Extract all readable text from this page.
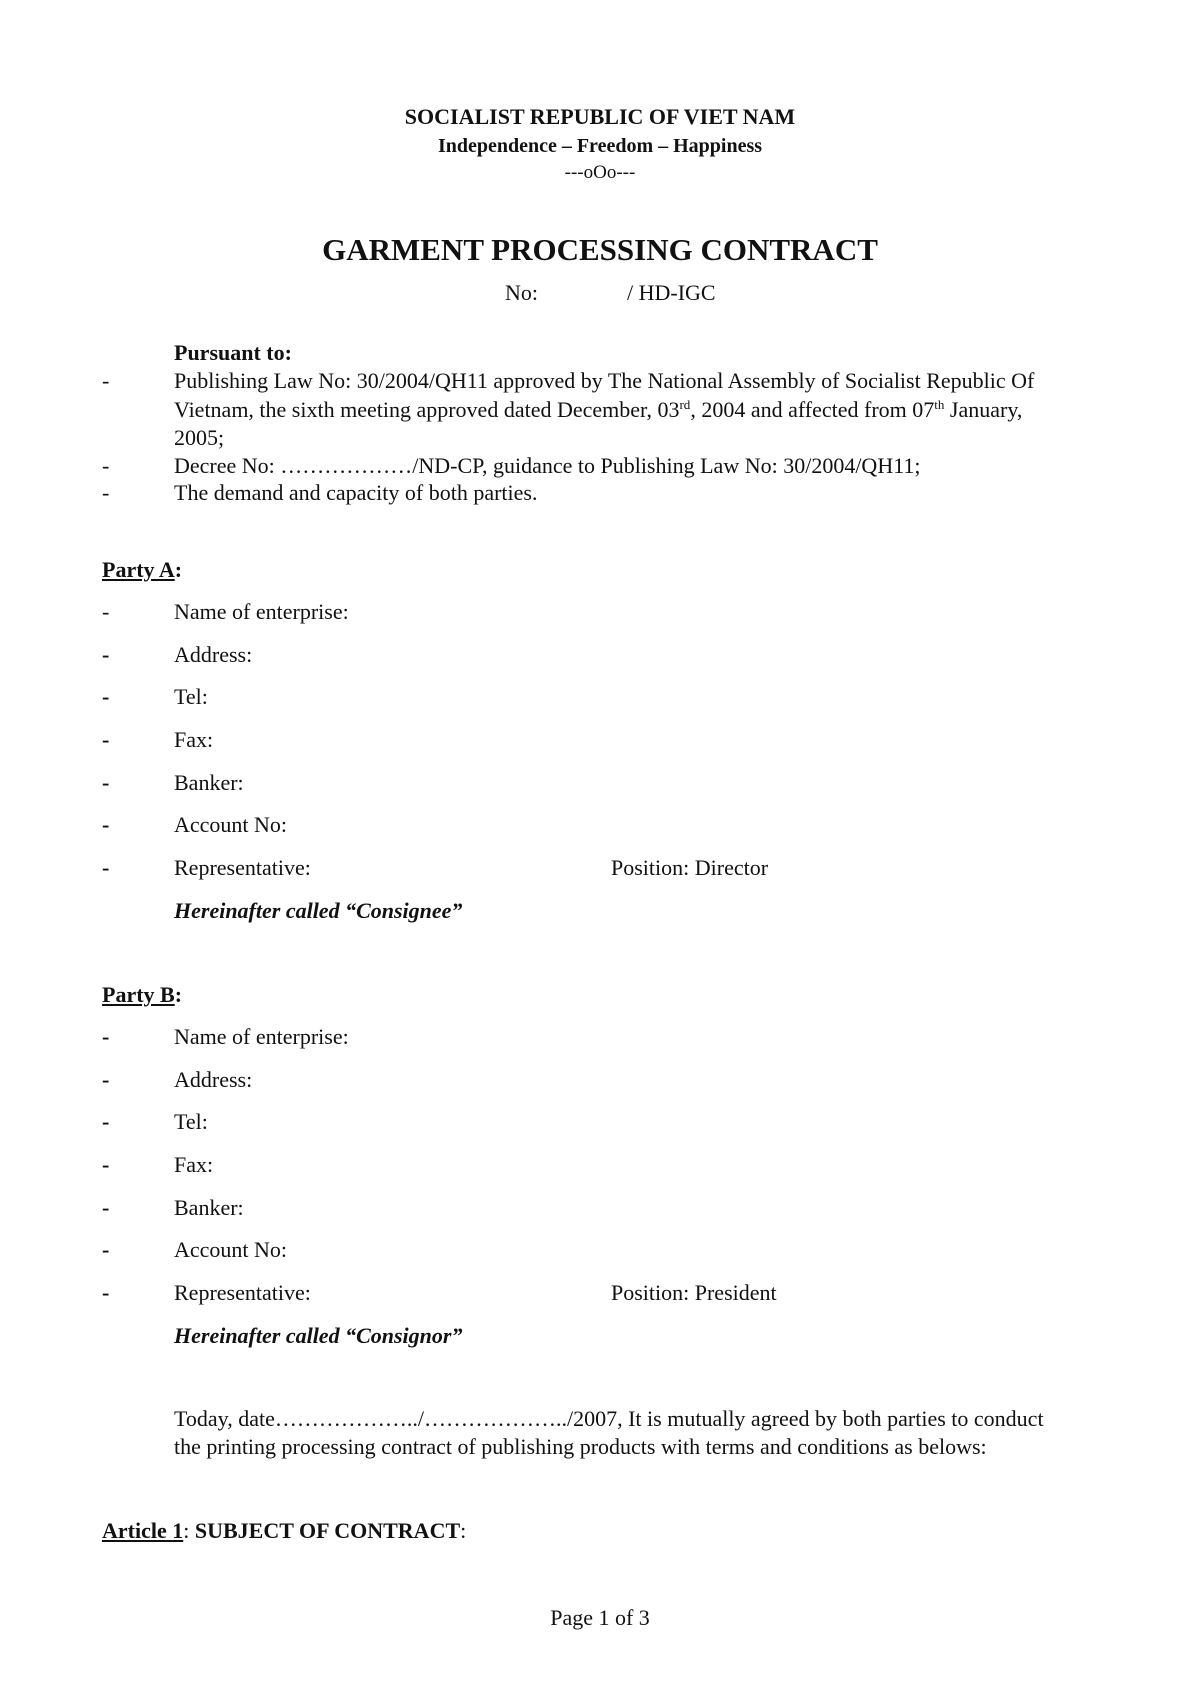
SOCIALIST REPUBLIC OF VIET NAM
Independence – Freedom – Happiness
---oOo---
GARMENT PROCESSING CONTRACT
No:	/ HD-IGC
Pursuant to:
-	Publishing Law No: 30/2004/QH11 approved by The National Assembly of Socialist Republic Of
Vietnam, the sixth meeting approved dated December, 03rd, 2004 and affected from 07th January,
2005;
-	Decree No: ………………/ND-CP, guidance to Publishing Law No: 30/2004/QH11;
-	The demand and capacity of both parties.
Party A:
-	Name of enterprise:
-	Address:
-	Tel:
-	Fax:
-	Banker:
-	Account No:
-	Representative:	Position: Director
Hereinafter called “Consignee”
Party B:
-	Name of enterprise:
-	Address:
-	Tel:
-	Fax:
-	Banker:
-	Account No:
-	Representative:	Position: President
Hereinafter called “Consignor”
Today, date………………../………………../2007, It is mutually agreed by both parties to conduct
the printing processing contract of publishing products with terms and conditions as belows:
Article 1: SUBJECT OF CONTRACT:
Page 1 of 3
